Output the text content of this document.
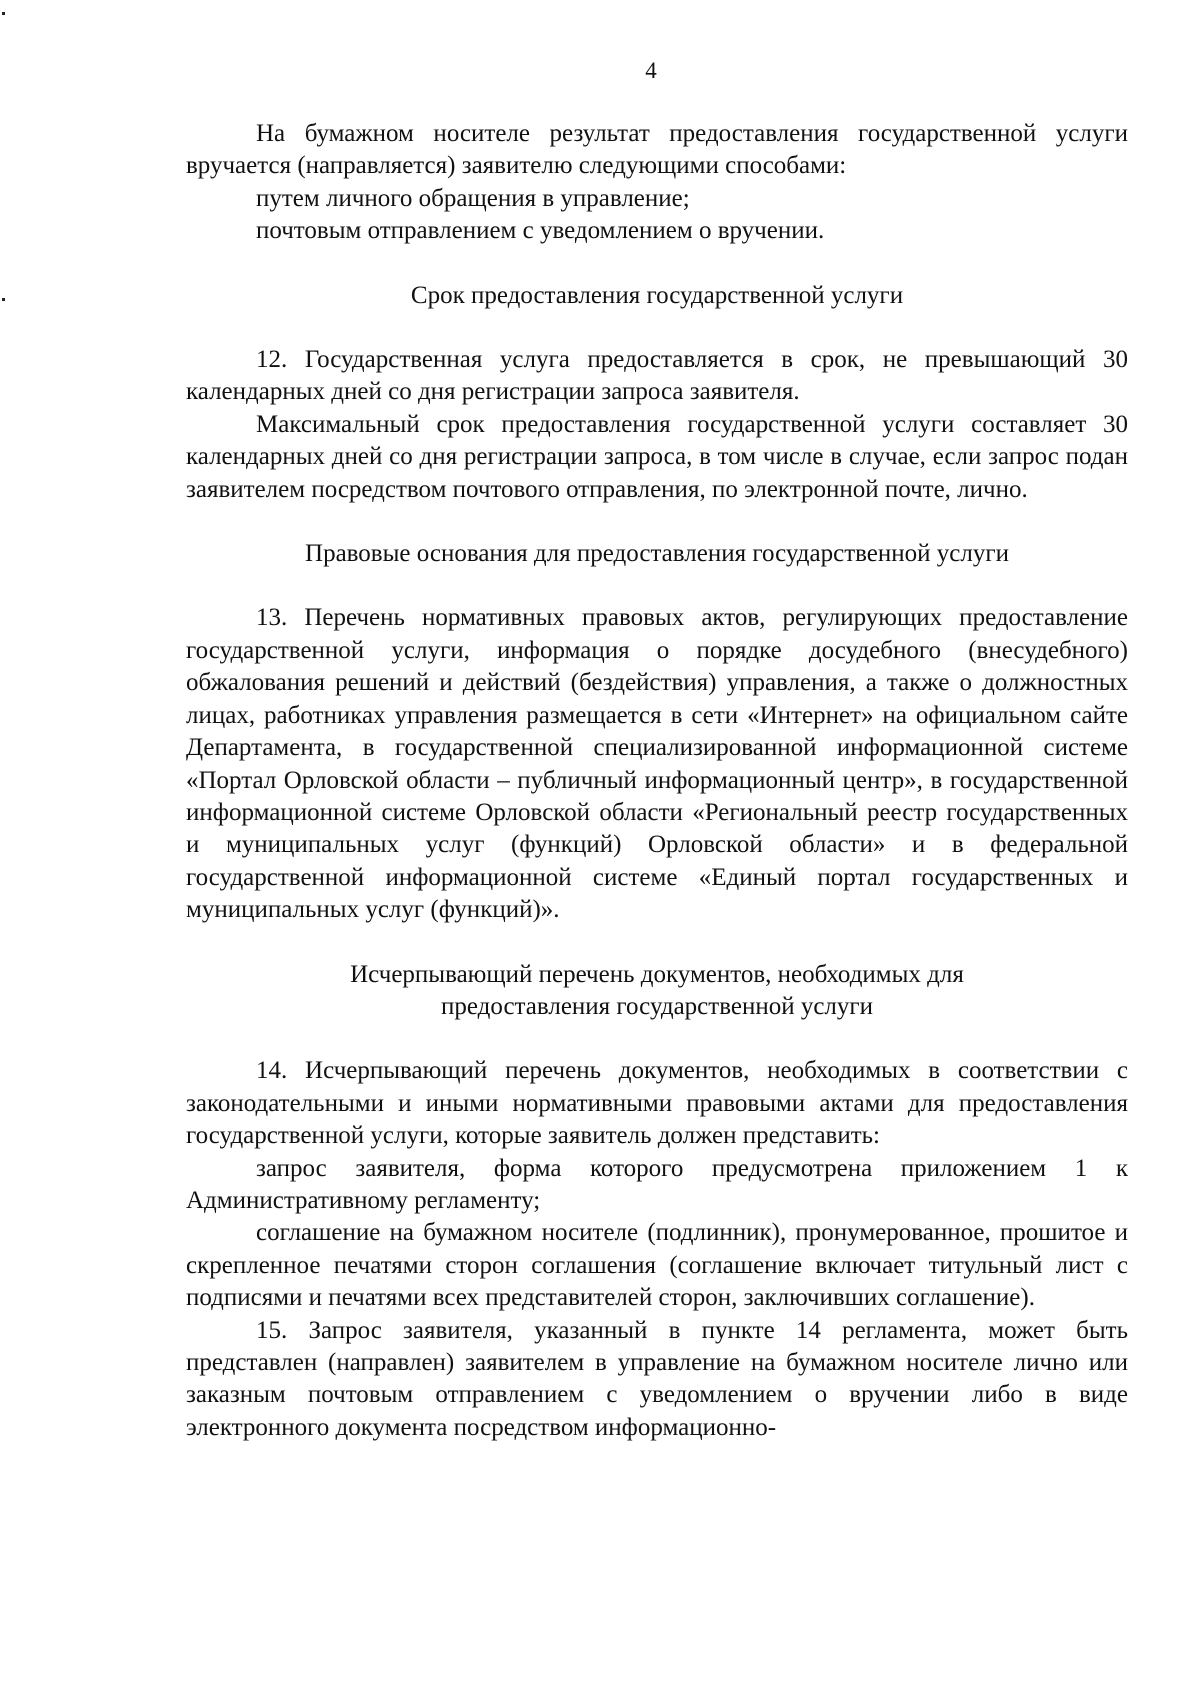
4

На бумажном носителе результат предоставления государственной услуги вручается (направляется) заявителю следующими способами:

путем личного обращения в управление;

почтовым отправлением с уведомлением о вручении.

Срок предоставления государственной услуги

12. Государственная услуга предоставляется в срок, не превышающий 30 календарных дней со дня регистрации запроса заявителя.

Максимальный срок предоставления государственной услуги составляет 30 календарных дней со дня регистрации запроса, в том числе в случае, если запрос подан заявителем посредством почтового отправления, по электронной почте, лично.

Правовые основания для предоставления государственной услуги

13. Перечень нормативных правовых актов, регулирующих предоставление государственной услуги, информация о порядке досудебного (внесудебного) обжалования решений и действий (бездействия) управления, а также о должностных лицах, работниках управления размещается в сети «Интернет» на официальном сайте Департамента, в государственной специализированной информационной системе «Портал Орловской области – публичный информационный центр», в государственной информационной системе Орловской области «Региональный реестр государственных и муниципальных услуг (функций) Орловской области» и в федеральной государственной информационной системе «Единый портал государственных и муниципальных услуг (функций)».

Исчерпывающий перечень документов, необходимых для

предоставления государственной услуги

14. Исчерпывающий перечень документов, необходимых в соответствии с законодательными и иными нормативными правовыми актами для предоставления государственной услуги, которые заявитель должен представить:

запрос заявителя, форма которого предусмотрена приложением 1 к Административному регламенту;

соглашение на бумажном носителе (подлинник), пронумерованное, прошитое и скрепленное печатями сторон соглашения (соглашение включает титульный лист с подписями и печатями всех представителей сторон, заключивших соглашение).

15. Запрос заявителя, указанный в пункте 14 регламента, может быть представлен (направлен) заявителем в управление на бумажном носителе лично или заказным почтовым отправлением с уведомлением о вручении либо в виде электронного документа посредством информационно-
